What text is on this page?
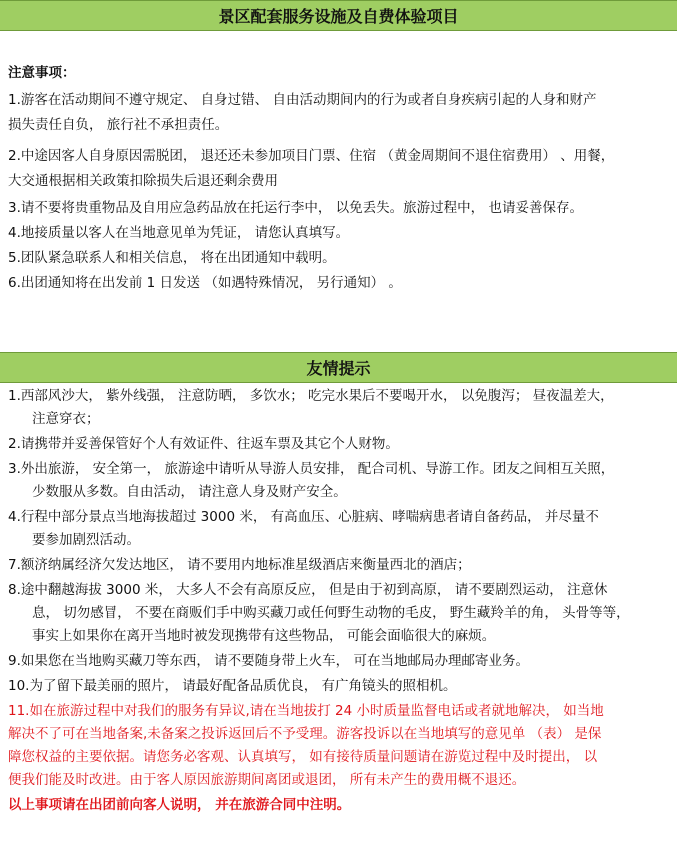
景区配套服务设施及自费体验项目
注意事项：
1.游客在活动期间不遵守规定、 自身过错、 自由活动期间内的行为或者自身疾病引起的人身和财产
损失责任自负， 旅行社不承担责任。
2.中途因客人自身原因需脱团， 退还还未参加项目门票、住宿 （黄金周期间不退住宿费用） 、用餐，
大交通根据相关政策扣除损失后退还剩余费用
3.请不要将贵重物品及自用应急药品放在托运行李中， 以免丢失。旅游过程中， 也请妥善保存。
4.地接质量以客人在当地意见单为凭证， 请您认真填写。
5.团队紧急联系人和相关信息， 将在出团通知中载明。
6.出团通知将在出发前 1 日发送 （如遇特殊情况， 另行通知） 。
友情提示
1.西部风沙大， 紫外线强， 注意防晒， 多饮水； 吃完水果后不要喝开水， 以免腹泻； 昼夜温差大，
注意穿衣；
2.请携带并妥善保管好个人有效证件、往返车票及其它个人财物。
3.外出旅游， 安全第一， 旅游途中请听从导游人员安排， 配合司机、导游工作。团友之间相互关照，
少数服从多数。自由活动， 请注意人身及财产安全。
4.行程中部分景点当地海拔超过 3000 米， 有高血压、心脏病、哮喘病患者请自备药品， 并尽量不
要参加剧烈活动。
7.额济纳属经济欠发达地区， 请不要用内地标准星级酒店来衡量西北的酒店；
8.途中翻越海拔 3000 米， 大多人不会有高原反应， 但是由于初到高原， 请不要剧烈运动， 注意休
息， 切勿感冒， 不要在商贩们手中购买藏刀或任何野生动物的毛皮， 野生藏羚羊的角， 头骨等等，
事实上如果你在离开当地时被发现携带有这些物品， 可能会面临很大的麻烦。
9.如果您在当地购买藏刀等东西， 请不要随身带上火车， 可在当地邮局办理邮寄业务。
10.为了留下最美丽的照片， 请最好配备品质优良， 有广角镜头的照相机。
11.如在旅游过程中对我们的服务有异议,请在当地拔打 24 小时质量监督电话或者就地解决， 如当地
解决不了可在当地备案,未备案之投诉返回后不予受理。游客投诉以在当地填写的意见单 （表） 是保
障您权益的主要依据。请您务必客观、认真填写， 如有接待质量问题请在游览过程中及时提出， 以
便我们能及时改进。由于客人原因旅游期间离团或退团， 所有未产生的费用概不退还。
以上事项请在出团前向客人说明， 并在旅游合同中注明。
